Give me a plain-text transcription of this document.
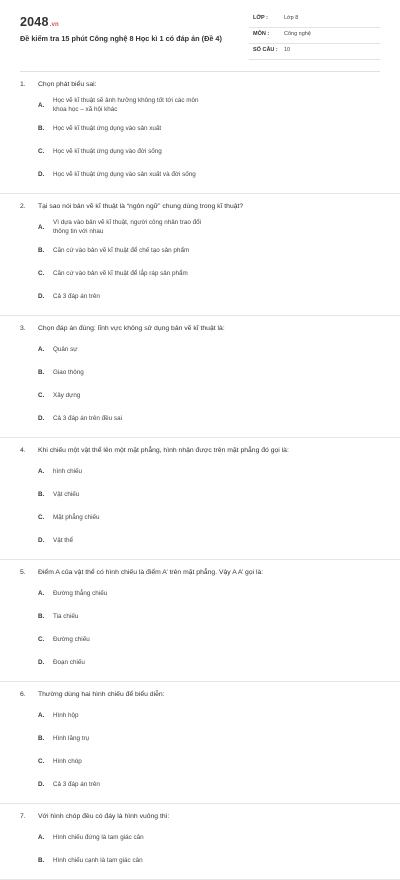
2048.vn
Đề kiểm tra 15 phút Công nghệ 8 Học kì 1 có đáp án (Đề 4)
LỚP :	Lớp 8
MÔN :	Công nghệ
SỐ CÂU : 10
1.	Chọn phát biểu sai:
A.
Học vẽ kĩ thuật sẽ ảnh hưởng không tốt tới các môn khoa học – xã hội khác
B.	Học vẽ kĩ thuật ứng dụng vào sản xuất
C.	Học vẽ kĩ thuật ứng dụng vào đời sống
D.	Học vẽ kĩ thuật ứng dụng vào sản xuất và đời sống
2.	Tại sao nói bản vẽ kĩ thuật là “ngôn ngữ” chung dùng trong kĩ thuật?
A.
Vì dựa vào bản vẽ kĩ thuật, người công nhân trao đổi thông tin với nhau
B.	Căn cứ vào bản vẽ kĩ thuật để chế tạo sản phẩm
C.	Căn cứ vào bản vẽ kĩ thuật để lắp ráp sản phẩm
D.	Cả 3 đáp án trên
3.	Chọn đáp án đúng: lĩnh vực không sử dụng bản vẽ kĩ thuật là:
A.	Quân sự
B.	Giao thông
C.	Xây dựng
D.	Cả 3 đáp án trên đều sai
4.	Khi chiếu một vật thể lên một mặt phẳng, hình nhận được trên mặt phẳng đó gọi là:
A.	hình chiếu
B.	Vật chiếu
C.	Mặt phẳng chiếu
D.	Vật thể
5.	Điểm A của vật thể có hình chiếu là điểm A’ trên mặt phẳng. Vậy A A’ gọi là:
A.	Đường thẳng chiếu
B.	Tia chiếu
C.	Đường chiếu
D.	Đoạn chiếu
6.	Thường dùng hai hình chiếu để biểu diễn:
A.	Hình hộp
B.	Hình lăng trụ
C.	Hình chóp
D.	Cả 3 đáp án trên
7.	Với hình chóp đều có đáy là hình vuông thì:
A.	Hình chiếu đứng là tam giác cân
B.	Hình chiếu cạnh là tam giác cân
